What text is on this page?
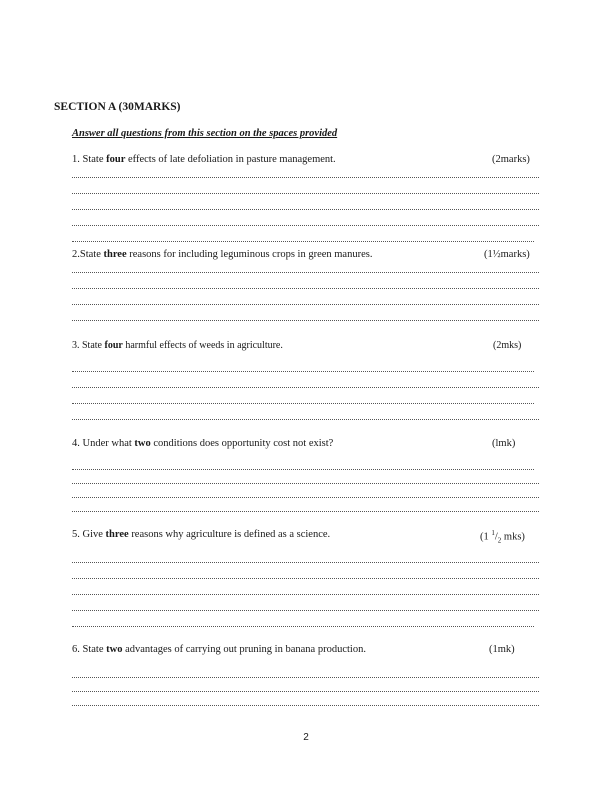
SECTION A (30MARKS)
Answer all questions from this section on the spaces provided
1. State four effects of late defoliation in pasture management.	(2marks)
2.State three reasons for including leguminous crops in green manures.	(1½marks)
3. State four harmful effects of weeds in agriculture.	(2mks)
4. Under what two conditions does opportunity cost not exist?	(lmk)
5. Give three reasons why agriculture is defined as a science.	(1 $^1/_2$ mks)
6. State two advantages of carrying out pruning in banana production.	(1mk)
2
